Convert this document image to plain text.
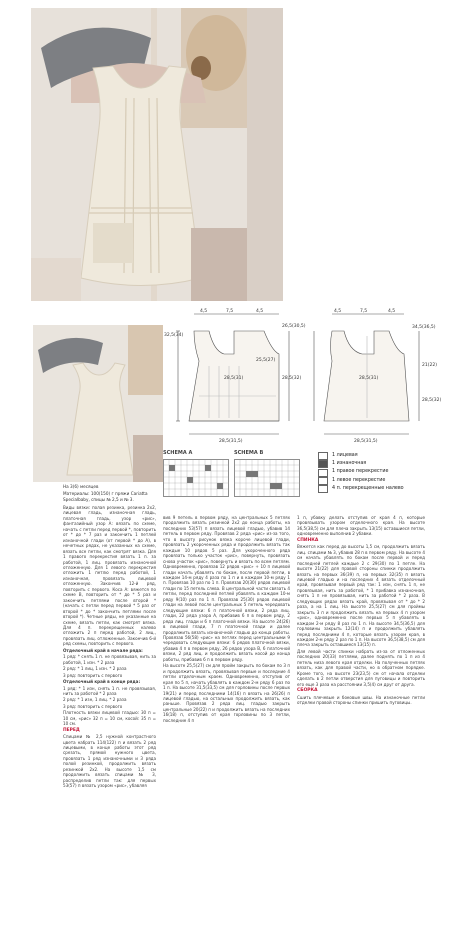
На 3(6) месяцев
Материалы: 100(150) г пряжи Cariatta Specialbaby, спицы № 2,5 и № 3.
4,5	7,5	4,5
26,5(30,5)
28,5(32)
25,5(27)
28,5(31)
32,5(34)
28,5(31,5)
4,5	7,5	4,5
34,5(36,5)
21(22)
28,5(31)
28,5(32)
28,5(31,5)
SCHEMA A	SCHEMA B	1 лицевая
1 изнаночная
1 правое перекрестие
1 левое перекрестие
4 п. перекрещенные налево

Виды вязки: полая резинка, резинка 2x2, лицевая гладь, изнаночная гладь, платочная гладь, узор «рис», фантазийный узор А: вязать по схеме, начать с петли перед первой *, повторить от * до * 7 раз и закончить 1 петлей изнаночной глади (от первой * до А), в нечетных рядах, не указанных на схеме, вязать все петли, как смотрят вязка. Для 1 правого перекрестия вязать 1 п. за работой, 1 лиц. провязать изнаночной отложенную. Для 1 левого перекрестия отложить 1 петлю перед работой, 1 изнаночная, провязать лицевой отложенную. Закончив 12-й ряд, повторить с первого. Коса А: вяжется по схеме В, повторить от * до * 5 раз и закончить петлями после второй * (начать с петли перед первой * 5 раз от второй * до * закончить петлями после второй *). Четные ряды, не указанные на схеме, вязать петли, как смотрят вязка. Для 4 п. перекрещенных налево отложить 2 п перед работой, 2 лиц., провязать лиц. отложенные. Закончив 6-й ряд схемы, повторить с первого.

Отделочный край в начале ряда:

1 ряд: * снять 1 п. не провязывая, нить за работой, 1 изн. * 2 раза

2 ряд: * 1 лиц, 1 изн. * 2 раза

3 ряд: повторить с первого

Отделочный край в конце ряда:

1 ряд: * 1 изн, снять 1 п. не провязывая, нить за работой * 2 раза

2 ряд: * 1 изн, 1 лиц. * 2 раза

3 ряд: повторить с первого

Плотность вязки лицевой гладью: 30 п = 10 см, «рис» 32 п = 10 см, косой: 35 п = 10 см.

ПЕРЕД

Спицами № 2,5 нужной контрастного цвета набрать 114(122) п и вязать 2 ряд лицевыми, в конце работы этот ряд срезать, прямой нужного цвета, провязать 1 ряд изнаночными и 3 ряда полой резинкой, продолжить вязать резинкой 2x2. На высоте 1,5 см продолжить вязать спицами № 3, распределив петли так: для первых 53(57) п вязать узором «рис», убавляя

вив 9 петель в первом ряду, на центральных 5 петлях продолжить вязать резинкой 2x2 до конца работы, на последних 53(57) п вязать лицевой гладью, убавив 14 петель в первом ряду. Провязав 2 ряда «рис» из-за того, что в высоту рисунок вязка короче лицевой глади, провязать 2 укороченных ряда и продолжить вязать так каждые 10 рядов 5 раз. Для укороченного ряда провязать только участок «рис», повернуть, провязать снова участок «рис», повернуть и вязать по всем петлям. Одновременно, провязав 12 рядов «рис» + 10 п лицевой глади начать убавлять по бокам, после первой петли, в каждом 14-м ряду 4 раза по 1 п и в каждом 10-м ряду 1 п. Провязав 10 раз по 1 п. Провязав 20(30) рядов лицевой глади по 15 петель слева. В центральной части связать 4 петли, перед последней петлей убавлять в каждом 10-м ряду 9(10) раз по 1 п. Провязав 25(30) рядов лицевой глади на левой после центральных 5 петель чередовать следующие вязки: 6 п платочной вязки, 2 ряда лиц. глади, 22 ряда узора А, прибавив 6 п в первом ряду, 2 ряда лиц. глади и 6 п платочной вязки. На высоте 24(26) в лицевой глади, 7 п платочной глади и далее продолжить вязать изнаночной гладью до конца работы. Провязав 56(58) «рис» на петлях перед центральными 9 чередовать следующие вязки: 6 рядов платочной вязки, убавив 4 п в первом ряду, 26 рядов узора В, 6 платочной вязки, 2 ряд лиц. и продолжить вязать косой до конца работы, прибавив 6 п в первом ряду.

На высоте 25,5(27) см для пройм закрыть по бокам по 3 п и продолжить вязать, провязывая первые и последние 4 петли отделочным краем. Одновременно, отступив от края по 5 п, начать убавлять в каждом 2-м ряду 6 раз по 1 п. На высоте 31,5(33,5) см для горловины после первых 19(21) и перед последними 14(16) п вязать на 26(26) п лицевой гладью, на остальных продолжить вязать, как раньше. Провязав 2 ряда лиц. гладью закрыть центральные 20(22) п и продолжить вязать на последних 16(18) п, отступив от края горловины по 3 петли, последние 4 п

1 п, убавку делать отступив от края 4 п, которые провязывать узором отделочного края. На высоте 36,5(38,5) см для плеча закрыть 13(15) оставшиеся петли, одновременно выполнив 2 убавки.

СПИНКА

Вяжется как перед до высоты 1,5 см, продолжить вязать лиц. спицами № 3, убавив 28 п в первом ряду. На высоте 4 см начать убавлять по бокам после первой и перед последней петлей каждые 2 с 29(30) по 1 петле. На высоте 21(22) для правой стороны спинки продолжить вязать на первых 36(39) п, на первых 32(35) п вязать лицевой гладью и на последних 4 вязать отделочный край, провязывая первый ряд так: 1 изн, снять 1 п, не провязывая, нить за работой, * 1 прибавка изнаночная, снять 1 п не провязывая, нить за работой * 2 раза. В следующих рядах вязать край, провязывая от * до * 2 раза, а на 1 лиц. На высоте 25,5(27) см для проймы закрыть 3 п и продолжить вязать на первых 4 п узором «рис», одновременно после первых 5 п убавлять в каждом 2-м ряду 8 раз по 1 п. На высоте 34,5(36,5) для горловины закрыть 12(14) п и продолжить убавлять перед последними 4 п, которые вязать узором края, в каждом 2-м ряду 2 раз по 1 п. На высоте 36,5(38,5) см для плеча закрыть оставшиеся 13(15) п.

Для левой части спинки набрать из-за от отложенных последних 20(33) петлями, далее поднять по 1 п из 4 петель низа левого края отделки. На полученных петлях вязать, как для правой части, но в обратном порядке. Кроме того, на высоте 23(23,5) см от начала отделки сделать в 2 петли отверстия для пуговицы и повторить его еще 3 раза на расстоянии 3,5(4) см друг от друга.

СБОРКА

Сшить плечевые и боковые швы. На изнаночные петли отделки правой стороны спинки пришить пуговицы.
